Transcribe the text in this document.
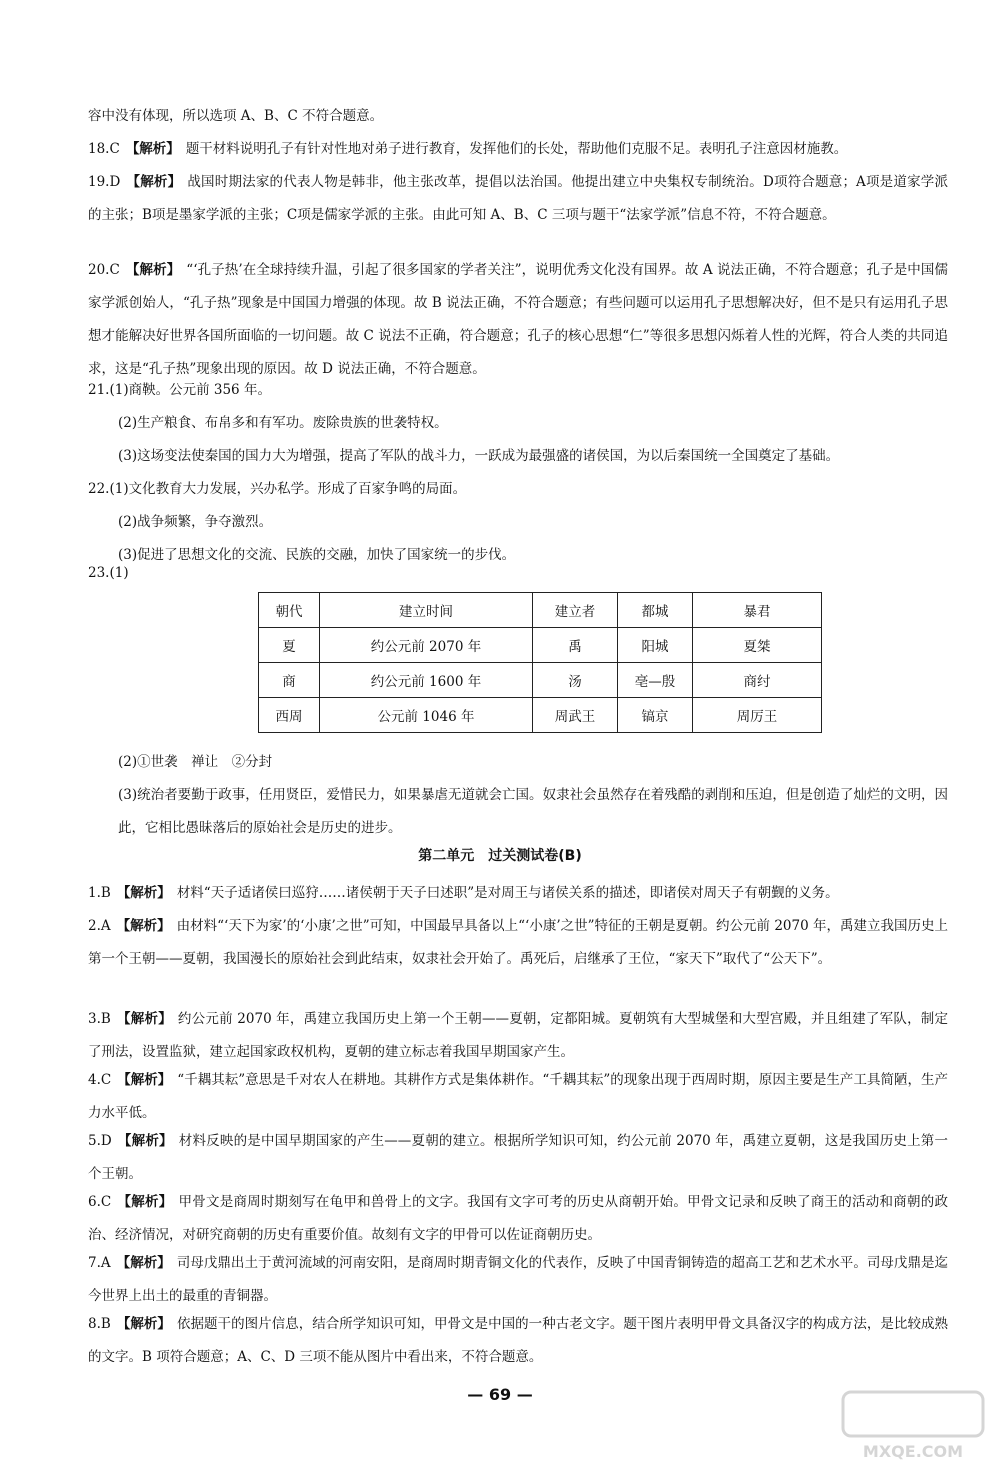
容中没有体现，所以选项 A、B、C 不符合题意。
18.C 【解析】 题干材料说明孔子有针对性地对弟子进行教育，发挥他们的长处，帮助他们克服不足。表明孔子注意因材施教。
19.D 【解析】 战国时期法家的代表人物是韩非，他主张改革，提倡以法治国。他提出建立中央集权专制统治。D项符合题意；A项是道家学派的主张；B项是墨家学派的主张；C项是儒家学派的主张。由此可知 A、B、C 三项与题干“法家学派”信息不符，不符合题意。
20.C 【解析】 “‘孔子热’在全球持续升温，引起了很多国家的学者关注”，说明优秀文化没有国界。故 A 说法正确，不符合题意；孔子是中国儒家学派创始人，“孔子热”现象是中国国力增强的体现。故 B 说法正确，不符合题意；有些问题可以运用孔子思想解决好，但不是只有运用孔子思想才能解决好世界各国所面临的一切问题。故 C 说法不正确，符合题意；孔子的核心思想“仁”等很多思想闪烁着人性的光辉，符合人类的共同追求，这是“孔子热”现象出现的原因。故 D 说法正确，不符合题意。
21.(1)商鞅。公元前 356 年。
(2)生产粮食、布帛多和有军功。废除贵族的世袭特权。
(3)这场变法使秦国的国力大为增强，提高了军队的战斗力，一跃成为最强盛的诸侯国，为以后秦国统一全国奠定了基础。
22.(1)文化教育大力发展，兴办私学。形成了百家争鸣的局面。
(2)战争频繁，争夺激烈。
(3)促进了思想文化的交流、民族的交融，加快了国家统一的步伐。
23.(1)
朝代	建立时间	建立者	都城	暴君
夏	约公元前 2070 年	禹	阳城	夏桀
商	约公元前 1600 年	汤	亳—殷	商纣
西周	公元前 1046 年	周武王	镐京	周厉王
(2)①世袭　禅让　②分封
(3)统治者要勤于政事，任用贤臣，爱惜民力，如果暴虐无道就会亡国。奴隶社会虽然存在着残酷的剥削和压迫，但是创造了灿烂的文明，因此，它相比愚昧落后的原始社会是历史的进步。
第二单元　过关测试卷(B)
1.B 【解析】 材料“天子适诸侯曰巡狩……诸侯朝于天子曰述职”是对周王与诸侯关系的描述，即诸侯对周天子有朝觐的义务。
2.A 【解析】 由材料“‘天下为家’的‘小康’之世”可知，中国最早具备以上“‘小康’之世”特征的王朝是夏朝。约公元前 2070 年，禹建立我国历史上第一个王朝——夏朝，我国漫长的原始社会到此结束，奴隶社会开始了。禹死后，启继承了王位，“家天下”取代了“公天下”。
3.B 【解析】 约公元前 2070 年，禹建立我国历史上第一个王朝——夏朝，定都阳城。夏朝筑有大型城堡和大型宫殿，并且组建了军队，制定了刑法，设置监狱，建立起国家政权机构，夏朝的建立标志着我国早期国家产生。
4.C 【解析】 “千耦其耘”意思是千对农人在耕地。其耕作方式是集体耕作。“千耦其耘”的现象出现于西周时期，原因主要是生产工具简陋，生产力水平低。
5.D 【解析】 材料反映的是中国早期国家的产生——夏朝的建立。根据所学知识可知，约公元前 2070 年，禹建立夏朝，这是我国历史上第一个王朝。
6.C 【解析】 甲骨文是商周时期刻写在龟甲和兽骨上的文字。我国有文字可考的历史从商朝开始。甲骨文记录和反映了商王的活动和商朝的政治、经济情况，对研究商朝的历史有重要价值。故刻有文字的甲骨可以佐证商朝历史。
7.A 【解析】 司母戊鼎出土于黄河流域的河南安阳，是商周时期青铜文化的代表作，反映了中国青铜铸造的超高工艺和艺术水平。司母戊鼎是迄今世界上出土的最重的青铜器。
8.B 【解析】 依据题干的图片信息，结合所学知识可知，甲骨文是中国的一种古老文字。题干图片表明甲骨文具备汉字的构成方法，是比较成熟的文字。B 项符合题意；A、C、D 三项不能从图片中看出来，不符合题意。
— 69 —
MXQE.COM
